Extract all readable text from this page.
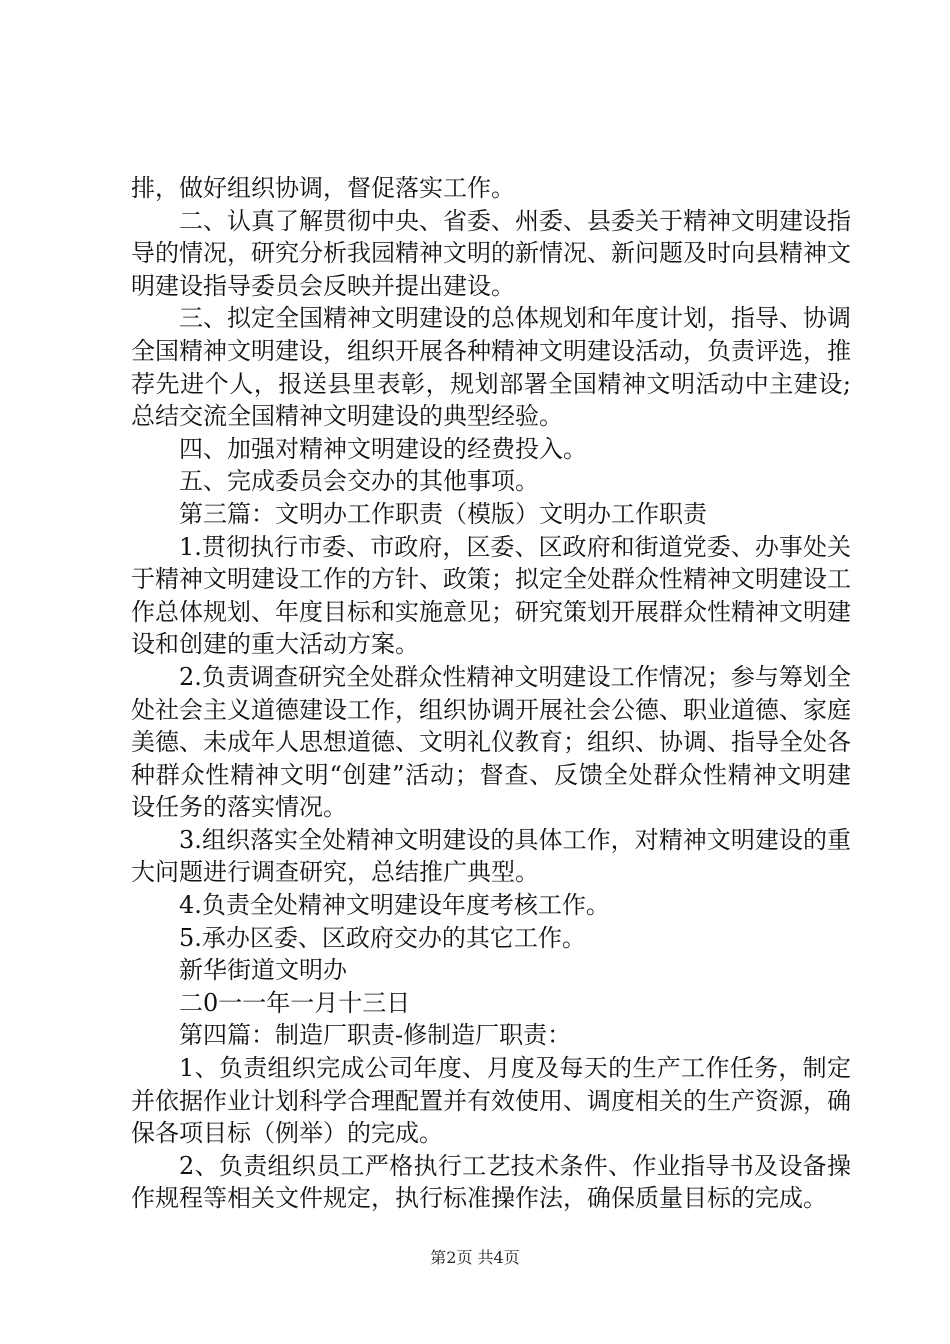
排，做好组织协调，督促落实工作。

二、认真了解贯彻中央、省委、州委、县委关于精神文明建设指导的情况，研究分析我园精神文明的新情况、新问题及时向县精神文明建设指导委员会反映并提出建设。

三、拟定全国精神文明建设的总体规划和年度计划，指导、协调全国精神文明建设，组织开展各种精神文明建设活动，负责评选，推荐先进个人，报送县里表彰，规划部署全国精神文明活动中主建设;总结交流全国精神文明建设的典型经验。

四、加强对精神文明建设的经费投入。

五、完成委员会交办的其他事项。

第三篇：文明办工作职责（模版）文明办工作职责

1.贯彻执行市委、市政府，区委、区政府和街道党委、办事处关于精神文明建设工作的方针、政策；拟定全处群众性精神文明建设工作总体规划、年度目标和实施意见；研究策划开展群众性精神文明建设和创建的重大活动方案。

2.负责调查研究全处群众性精神文明建设工作情况；参与筹划全处社会主义道德建设工作，组织协调开展社会公德、职业道德、家庭美德、未成年人思想道德、文明礼仪教育；组织、协调、指导全处各种群众性精神文明“创建”活动；督查、反馈全处群众性精神文明建设任务的落实情况。

3.组织落实全处精神文明建设的具体工作，对精神文明建设的重大问题进行调查研究，总结推广典型。

4.负责全处精神文明建设年度考核工作。

5.承办区委、区政府交办的其它工作。

新华街道文明办

二0一一年一月十三日

第四篇：制造厂职责-修制造厂职责：

1、负责组织完成公司年度、月度及每天的生产工作任务，制定并依据作业计划科学合理配置并有效使用、调度相关的生产资源，确保各项目标（例举）的完成。

2、负责组织员工严格执行工艺技术条件、作业指导书及设备操作规程等相关文件规定，执行标准操作法，确保质量目标的完成。

第2页 共4页
